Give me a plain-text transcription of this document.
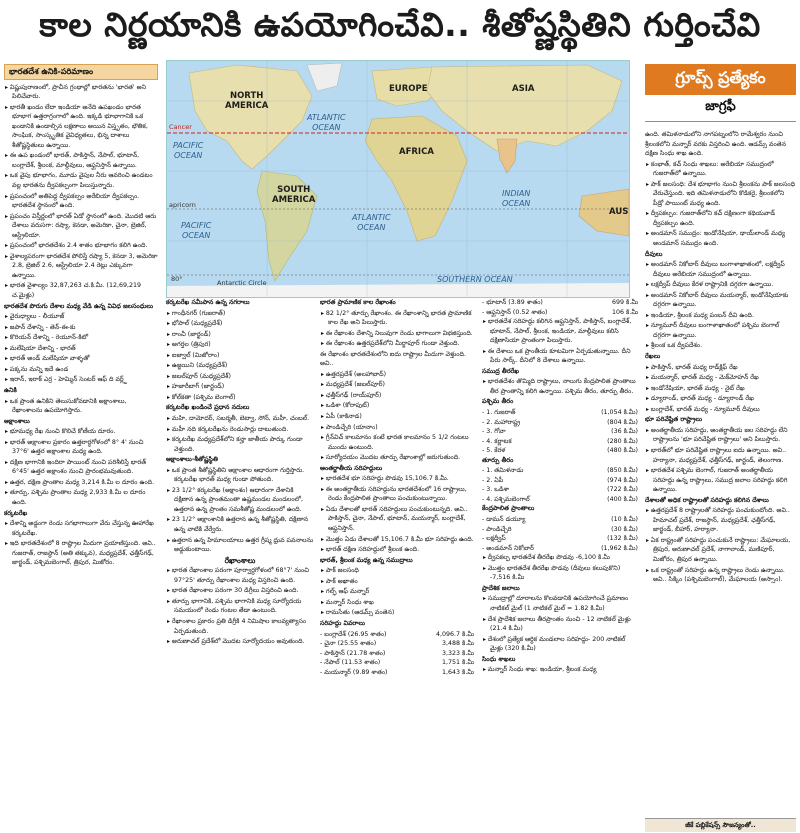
కాల నిర్ణయానికి ఉపయోగించేవి.. శీతోష్ణస్థితిని గుర్తించేవి
భారతదేశ ఉనికి-పరిమాణం

▸ విష్ణుపురాణంలో, ప్రాచీన గ్రంథాల్లో భారతను 'భారత' అని పిలిచేవారు.

▸ భారతీ ఖండం లేదా ఇండియా అనేది ఉపఖండం భారత భూభాగ ఉత్తరాగ్రంగాలో ఉంది. ఇక్కడి భూభాగానికి ఒక ఖండానికి ఉండాల్సిన లక్షణాలు అయిన విస్తృతం, భౌతిక, సాంఘిక, సాంస్కృతిక వైవిధ్యతలు, భిన్న దాశాలు శీతోష్ణస్థితులు ఉన్నాయి.

▸ ఈ ఉప ఖండంలో భారత్, పాకిస్తాన్, నేపాల్, భూటాన్, బంగ్లాదేశ్, శ్రీలంక, మాల్దీవులు, ఆఫ్ఘనిస్తాన్ ఉన్నాయి.

▸ ఒక వైపు భూభాగం, మూడు వైపుల నీరు ఆవరించి ఉండటం వల్ల భారతను ద్వీపకల్పంగా పిలుస్తున్నారు.

▸ ప్రపంచంలో అతిపెద్ద ద్వీపకల్పం అరేబియా ద్వీపకల్పం. భారతదేశ స్థానంలో ఉంది.

▸ ప్రపంచం విస్తీర్ణంలో భారత్ ఏడో స్థానంలో ఉంది. మొదటి ఆరు దేశాలు వరుసగా: రష్యా, కెనడా, అమెరికా, చైనా, బ్రెజిల్, ఆస్ట్రేలియా.

▸ ప్రపంచంలో భారతదేశం 2.4 శాతం భూభాగం కలిగి ఉంది.

▸ వైశాల్యపరంగా భారతదేశ పోలిస్తే రష్యా 5, కెనడా 3, అమెరికా 2.8, బ్రెజిల్ 2.6, ఆస్ట్రేలియా 2.4 రెట్లు ఎక్కువగా ఉన్నాయి.

▸ భారత వైశాల్యం 32,87,263 చ.కి.మీ. (12,69,219 చ.మైళ్లు)

భారతదేశ పొరుగు దేశాల మధ్య వేడి ఉన్న వివిధ జలసంధులు

▸ వైరుధ్యాలు - లీయూజ్

▸ జపాన్ దేశాన్ని - తెన్-ఈ-కు

▸ కొరియన్ దేశాన్ని - రెయూన్-కిటో

▸ మలేషియా దేశాన్ని - భారత్

▸ భారత్ అండ్ మలేషియా వాళ్ళతో

▸ పక్కను మన్ని ఇదే ఉండ

▸ ఇరాన్, ఇరాక్ ఎర్ర - హెమ్మిన్ సెంటర్ ఆఫ్ ది వర్ల్డ్

ఉనికి

▸ ఒక ప్రాంత ఉనికిని తెలుసుకోవడానికి అక్షాంశాలు, రేఖాంశాలను ఉపయోగిస్తారు.

అక్షాంశాలు

▸ భూమధ్య రేఖ నుంచి కొలిచే కోణీయ దూరం.

▸ భారత్ అక్షాంశాల ప్రకారం ఉత్తరార్ధగోళంలో 8° 4' నుంచి 37°6' ఉత్తర అక్షాంశాల మధ్య ఉంది.

▸ దక్షిణ భాగానికి ఇందిరా పాయింట్ నుంచి పరిశీలిస్తే భారత్ 6°45' ఉత్తర అక్షాంశం నుంచి ప్రారంభమవుతుంది.

▸ ఉత్తర, దక్షిణ ప్రాంతాల మధ్య 3,214 కి.మీ ల దూరం ఉంది.

▸ తూర్పు, పశ్చిమ ప్రాంతాల మధ్య 2,933 కి.మీ ల దూరం ఉంది.

కర్కటరేఖ

▸ దేశాన్ని అడ్డంగా రెండు సగభాగాలుగా వేరు చేస్తున్న ఊహారేఖ కర్కటరేఖ.

▸ ఇది భారతదేశంలో 8 రాష్ట్రాల మీదుగా ప్రయాణిస్తుంది. అవి.. గుజరాత్, రాజస్థాన్ (అతి తక్కువ), మధ్యప్రదేశ్, ఛత్తీస్‌గఢ్, జార్ఖండ్, పశ్చిమబెంగాల్, త్రిపుర, మిజోరం.

NORTH
AMERICA
EUROPE	ASIA
AFRICA
SOUTH
AMERICA
AUS
ATLANTIC
OCEAN
ATLANTIC
OCEAN
PACIFIC
OCEAN
PACIFIC
OCEAN
INDIAN
OCEAN
SOUTHERN OCEAN
Cancer
apricorn
Antarctic Circle
80°

కర్కటరేఖ సమీపాన ఉన్న నగరాలు

▸ గాంధీనగర్ (గుజరాత్)

▸ భోపాల్ (మధ్యప్రదేశ్)

▸ రాంచీ (జార్ఖండ్)

▸ అగర్తల (త్రిపుర)

▸ ఐజ్వాల్ (మిజోరాం)

▸ ఉజ్జయిని (మధ్యప్రదేశ్)

▸ జబల్‌పూర్ (మధ్యప్రదేశ్)

▸ హజారీబాగ్ (జార్ఖండ్)

▸ కోల్‌కతా (పశ్చిమ బెంగాల్)

కర్కటరేఖ ఖండించే ప్రధాన నదులు

▸ మహి, దామోదర్, సబర్మతీ, బెట్వా, సోన్, మహీ, చంబల్.

▸ మహీ నది కర్కటరేఖను రెండుసార్లు దాటుతుంది.

▸ కర్కటరేఖ మధ్యప్రదేశ్‌లోని కన్హా జాతీయ పార్కు గుండా వెళ్తుంది.

అక్షాంశాలు-శీతోష్ణస్థితి

▸ ఒక ప్రాంత శీతోష్ణస్థితిని అక్షాంశాల ఆధారంగా గుర్తిస్తారు. కర్కటరేఖ భారత్ మధ్య గుండా పోతుంది.

▸ 23 1/2° కర్కటరేఖ (అక్షాంశం) ఆధారంగా దేశానికి దక్షిణాన ఉన్న ప్రాంతమంతా ఉష్ణమండల మండలంలో, ఉత్తరాన ఉన్న ప్రాంతం సమశీతోష్ణ మండలంలో ఉంది.

▸ 23 1/2° అక్షాంశానికి ఉత్తరాన ఉన్న శీతోష్ణస్థితి, దక్షిణాన ఉన్న వాటికి వేర్వేరు.

▸ ఉత్తరాన ఉన్న హిమాలయాలు ఉత్తర గ్రీష్మ ధ్రువ పవనాలను అడ్డుకుంటాయి.

రేఖాంశాలు

▸ భారత రేఖాంశాల పరంగా పూర్వార్ధగోళంలో 68°7' నుంచి 97°25' తూర్పు రేఖాంశాల మధ్య విస్తరించి ఉంది.

▸ భారత రేఖాంశాల పరంగా 30 డిగ్రీలు విస్తరించి ఉంది.

▸ తూర్పు భాగానికి, పశ్చిమ భాగానికి మధ్య సూర్యోదయ సమయంలో రెండు గంటల తేడా ఉంటుంది.

▸ రేఖాంశాల ప్రకారం ప్రతి డిగ్రీకి 4 నిమిషాల కాలవ్యత్యాసం ఏర్పడుతుంది.

▸ అరుణాచల్ ప్రదేశ్‌లో మొదట సూర్యోదయం అవుతుంది.

భారత ప్రామాణిక కాల రేఖాంశం

▸ 82 1/2° తూర్పు రేఖాంశం. ఈ రేఖాంశాన్ని భారత ప్రామాణిక కాల రేఖ అని పిలుస్తారు.

▸ ఈ రేఖాంశం దేశాన్ని నిలువుగా రెండు భాగాలుగా విభజిస్తుంది.

▸ ఈ రేఖాంశం ఉత్తరప్రదేశ్‌లోని మీర్జాపూర్ గుండా వెళ్తుంది.

ఈ రేఖాంశం భారతదేశంలోని ఐదు రాష్ట్రాల మీదుగా వెళ్తుంది. అవి..

▸ ఉత్తరప్రదేశ్ (అలహాబాద్)

▸ మధ్యప్రదేశ్ (జబల్‌పూర్)

▸ ఛత్తీస్‌గఢ్ (రాయ్‌పూర్)

▸ ఒడిశా (కోరాపుట్)

▸ ఏపీ (కాకినాడ)

▸ పాండిచ్చేరి (యానాం)

▸ గ్రీన్‌విచ్ కాలమానం కంటే భారత కాలమానం 5 1/2 గంటలు ముందు ఉంటుంది.

▸ సూర్యోదయం మొదట తూర్పు రేఖాంశాల్లో జరుగుతుంది.

అంతర్జాతీయ సరిహద్దులు

▸ భారతదేశ భూ సరిహద్దు పొడవు 15,106.7 కి.మీ.

▸ ఈ అంతర్జాతీయ సరిహద్దును భారతదేశంలో 16 రాష్ట్రాలు, రెండు కేంద్రపాలిత ప్రాంతాలు పంచుకుంటున్నాయి.

▸ ఏడు దేశాలతో భారత్ సరిహద్దులు పంచుకుంటున్నది. అవి.. పాకిస్తాన్, చైనా, నేపాల్, భూటాన్, మయన్మార్, బంగ్లాదేశ్, ఆఫ్ఘనిస్తాన్.

▸ మొత్తం ఏడు దేశాలతో 15,106.7 కి.మీ భూ సరిహద్దు ఉంది.

▸ భారత్ దక్షిణ సరిహద్దులో శ్రీలంక ఉంది.

భారత్, శ్రీలంక మధ్య ఉన్న సముద్రాలు

▸ పాక్ జలసంధి

▸ పాక్ అఖాతం

▸ గల్ఫ్ ఆఫ్ మన్నార్

▸ మన్నార్ సింధు శాఖ

▸ రామసేతు (ఆడమ్స్ వంతెన)

సరిహద్దు వివరాలు

- బంగ్లాదేశ్ (26.95 శాతం)	4,096.7 కి.మీ
- చైనా (25.55 శాతం)	3,488 కి.మీ
- పాకిస్తాన్ (21.78 శాతం)	3,323 కి.మీ
- నేపాల్ (11.53 శాతం)	1,751 కి.మీ
- మయన్మార్ (9.89 శాతం)	1,643 కి.మీ
- భూటాన్ (3.89 శాతం)	699 కి.మీ
- ఆఫ్ఘనిస్తాన్ (0.52 శాతం)	106 కి.మీ

▸ భారతదేశ సరిహద్దు కలిగిన ఆఫ్ఘనిస్తాన్, పాకిస్తాన్, బంగ్లాదేశ్, భూటాన్, నేపాల్, శ్రీలంక, ఇండియా, మాల్దీవులు కలిసి దక్షిణాసియా ప్రాంతంగా పిలుస్తారు.

▸ ఈ దేశాలు ఒక ప్రాంతీయ కూటమిగా ఏర్పడుతున్నాయి. దీని పేరు సార్క్. దీనిలో 8 దేశాలు ఉన్నాయి.

సముద్ర తీరరేఖ

▸ భారతదేశం తొమ్మిది రాష్ట్రాలు, నాలుగు కేంద్రపాలిత ప్రాంతాలు తీర ప్రాంతాన్ని కలిగి ఉన్నాయి. పశ్చిమ తీరం, తూర్పు తీరం.

పశ్చిమ తీరం

- 1. గుజరాత్	(1,054 కి.మీ)
- 2. మహారాష్ట్ర	(804 కి.మీ)
- 3. గోవా	(36 కి.మీ)
- 4. కర్ణాటక	(280 కి.మీ)
- 5. కేరళ	(480 కి.మీ)

తూర్పు తీరం

- 1. తమిళనాడు	(850 కి.మీ)
- 2. ఏపీ	(974 కి.మీ)
- 3. ఒడిశా	(722 కి.మీ)
- 4. పశ్చిమబెంగాల్	(400 కి.మీ)

కేంద్రపాలిత ప్రాంతాలు

- డామన్ డయ్యూ	(10 కి.మీ)
- పాండిచ్చేరి	(30 కి.మీ)
- లక్షద్వీప్	(132 కి.మీ)
- అండమాన్ నికోబార్	(1,962 కి.మీ)

▸ ద్వీపకల్ప భారతదేశ తీరరేఖ పొడవు -6,100 కి.మీ

▸ మొత్తం భారతదేశ తీరరేఖ పొడవు (దీవులు కలుపుకొని) -7,516 కి.మీ

ప్రాదేశిక జలాలు

▸ సముద్రాల్లో దూరాలను కొలవడానికి ఉపయోగించే ప్రమాణం నాటికల్ మైల్ (1 నాటికల్ మైల్ = 1.82 కి.మీ)

▸ దేశ ప్రాదేశిక జలాలు తీరప్రాంతం నుంచి - 12 నాటికల్ మైళ్లు (21.4 కి.మీ)

▸ దేశంలో ప్రత్యేక ఆర్థిక మండలాల సరిహద్దు- 200 నాటికల్ మైళ్లు (320 కి.మీ)

సింధు శాఖలు

▸ మన్నార్ సింధు శాఖ: ఇండియా, శ్రీలంక మధ్య

గ్రూప్స్ ప్రత్యేకం
జాగ్రఫీ

ఉంది. తమిళనాడులోని నాగపట్నంలోని రామేశ్వరం నుంచి శ్రీలంకలోని మన్నార్ వరకు విస్తరించి ఉంది. ఆడమ్స్ వంతెన దక్షిణ సింధు శాఖ ఉంది.

▸ కంభాత్, కచ్ సింధు శాఖలు: అరేబియా సముద్రంలో గుజరాత్‌లో ఉన్నాయి.

▸ పాక్ జలసంధి: దేశ భూభాగం నుంచి శ్రీలంకను పాక్ జలసంధి వేరుచేస్తుంది. ఇది తమిళనాడులోని కొడికరై, శ్రీలంకలోని పీడ్రో పాయింట్ మధ్య ఉంది.

▸ ద్వీపకల్పం: గుజరాత్‌లోని కచ్ దక్షిణంగా కథియవాడ్ ద్వీపకల్పం ఉంది.

▸ అండమాన్ సముద్రం: ఇండోనేషియా, థాయ్‌లాండ్ మధ్య అండమాన్ సముద్రం ఉంది.

దీవులు

▸ అండమాన్ నికోబార్ దీవులు బంగాళాఖాతంలో, లక్షద్వీప్ దీవులు అరేబియా సముద్రంలో ఉన్నాయి.

▸ లక్షద్వీప్ దీవులు కేరళ రాష్ట్రానికి దగ్గరగా ఉన్నాయి.

▸ అండమాన్ నికోబార్ దీవులు మయన్మార్, ఇండోనేషియాకు దగ్గరగా ఉన్నాయి.

▸ ఇండియా, శ్రీలంక మధ్య పంబన్ దీవి ఉంది.

▸ న్యూమూర్ దీవులు బంగాళాఖాతంలో పశ్చిమ బెంగాల్ దగ్గరగా ఉన్నాయి.

▸ శ్రీలంక ఒక ద్వీపదేశం.

రేఖలు

▸ పాకిస్తాన్, భారత్ మధ్య రాడ్‌క్లిఫ్ రేఖ

▸ మయన్మార్, భారత్ మధ్య - మెక్‌మోహన్ రేఖ

▸ ఇండోనేషియా, భారత్ మధ్య - నైట్ రేఖ

▸ డ్యూరాండ్, భారత్ మధ్య - డ్యూరాండ్ రేఖ

▸ బంగ్లాదేశ్, భారత్ మధ్య - న్యూమూర్ దీవులు

భూ పరివేష్టిత రాష్ట్రాలు

▸ అంతర్జాతీయ సరిహద్దు, అంతర్జాతీయ జల సరిహద్దు లేని రాష్ట్రాలను 'భూ పరివేష్టిత రాష్ట్రాలు' అని పిలుస్తారు.

▸ భారత్‌లో భూ పరివేష్టిత రాష్ట్రాలు ఐదు ఉన్నాయి. అవి.. హర్యానా, మధ్యప్రదేశ్, ఛత్తీస్‌గఢ్, జార్ఖండ్, తెలంగాణ.

▸ భారతదేశ పశ్చిమ బెంగాల్, గుజరాత్ అంతర్జాతీయ సరిహద్దు ఉన్న రాష్ట్రాలు, సముద్ర జలాల సరిహద్దు కలిగి ఉన్నాయి.

దేశాలతో అధిక రాష్ట్రాలతో సరిహద్దు కలిగిన దేశాలు

▸ ఉత్తరప్రదేశ్ 8 రాష్ట్రాలతో సరిహద్దు పంచుకుంటోంది. అవి.. హిమాచల్ ప్రదేశ్, రాజస్థాన్, మధ్యప్రదేశ్, ఛత్తీస్‌గఢ్, జార్ఖండ్, బీహార్, హర్యానా.

▸ ఏక రాష్ట్రంతో సరిహద్దు పంచుకునే రాష్ట్రాలు: మేఘాలయ, త్రిపుర, అరుణాచల్ ప్రదేశ్, నాగాలాండ్, మణిపూర్, మిజోరం, త్రిపుర ఉన్నాయి.

▸ ఒక రాష్ట్రంతో సరిహద్దు ఉన్న రాష్ట్రాలు రెండు ఉన్నాయి. అవి.. సిక్కిం (పశ్చిమబెంగాల్), మేఘాలయ (అస్సాం).

జీకే పబ్లికేషన్స్ సౌజన్యంతో..
